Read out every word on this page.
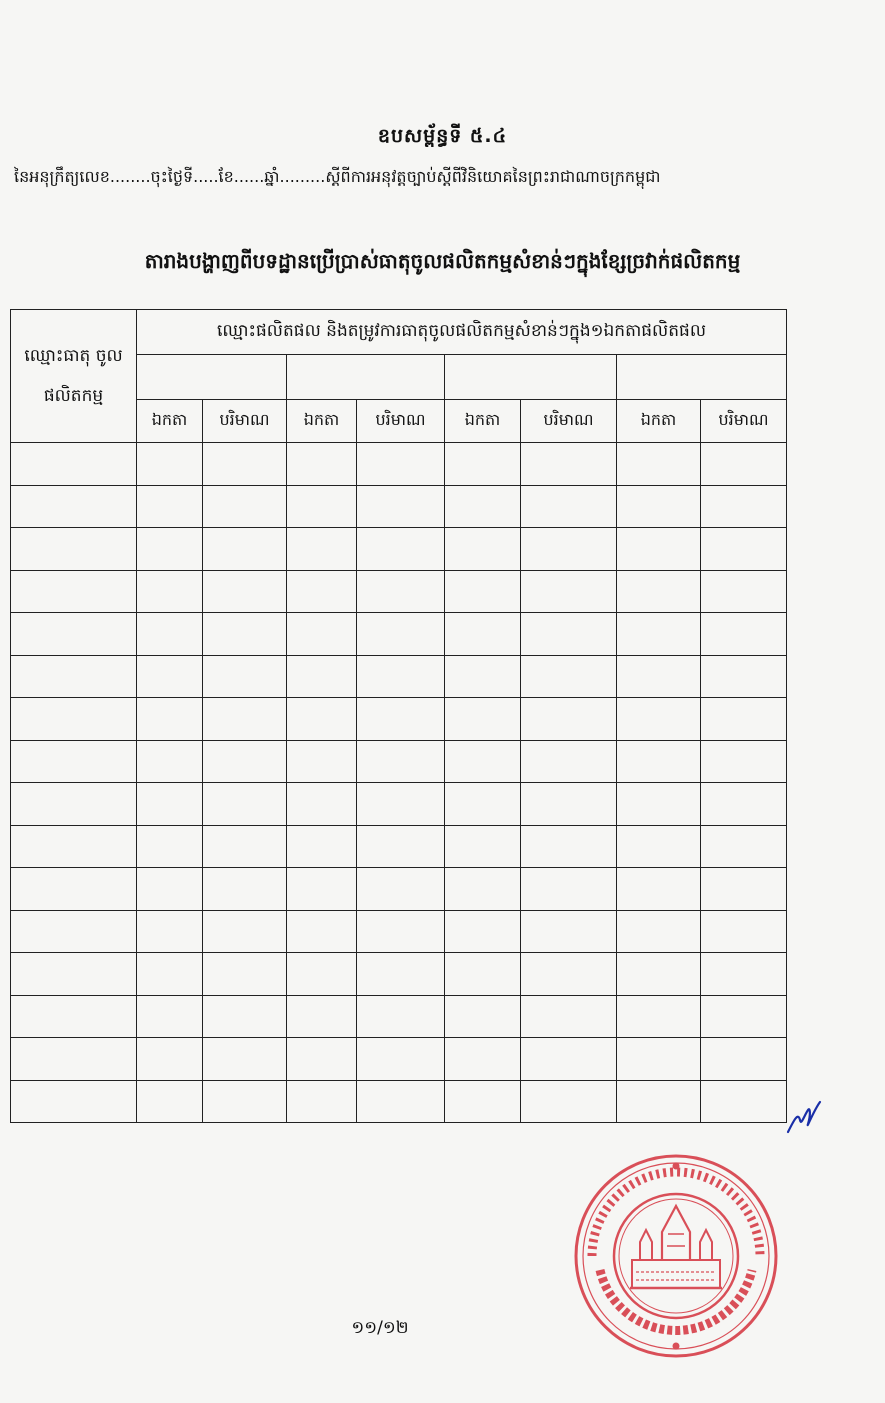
ឧបសម្ព័ន្ធទី ៥.៤
នៃអនុក្រឹត្យលេខ........ចុះថ្ងៃទី.....ខែ......ឆ្នាំ.........ស្តីពីការអនុវត្តច្បាប់ស្តីពីវិនិយោគនៃព្រះរាជាណាចក្រកម្ពុជា
តារាងបង្ហាញពីបទដ្ឋានប្រើប្រាស់ធាតុចូលផលិតកម្មសំខាន់ៗក្នុងខ្សែច្រវាក់ផលិតកម្ម
ឈ្មោះធាតុ ចូលផលិតកម្ម	ឈ្មោះផលិតផល និងតម្រូវការធាតុចូលផលិតកម្មសំខាន់ៗក្នុង១ឯកតាផលិតផល							

	ឯកតា	បរិមាណ	ឯកតា	បរិមាណ	ឯកតា	បរិមាណ	ឯកតា	បរិមាណ

១១/១២
